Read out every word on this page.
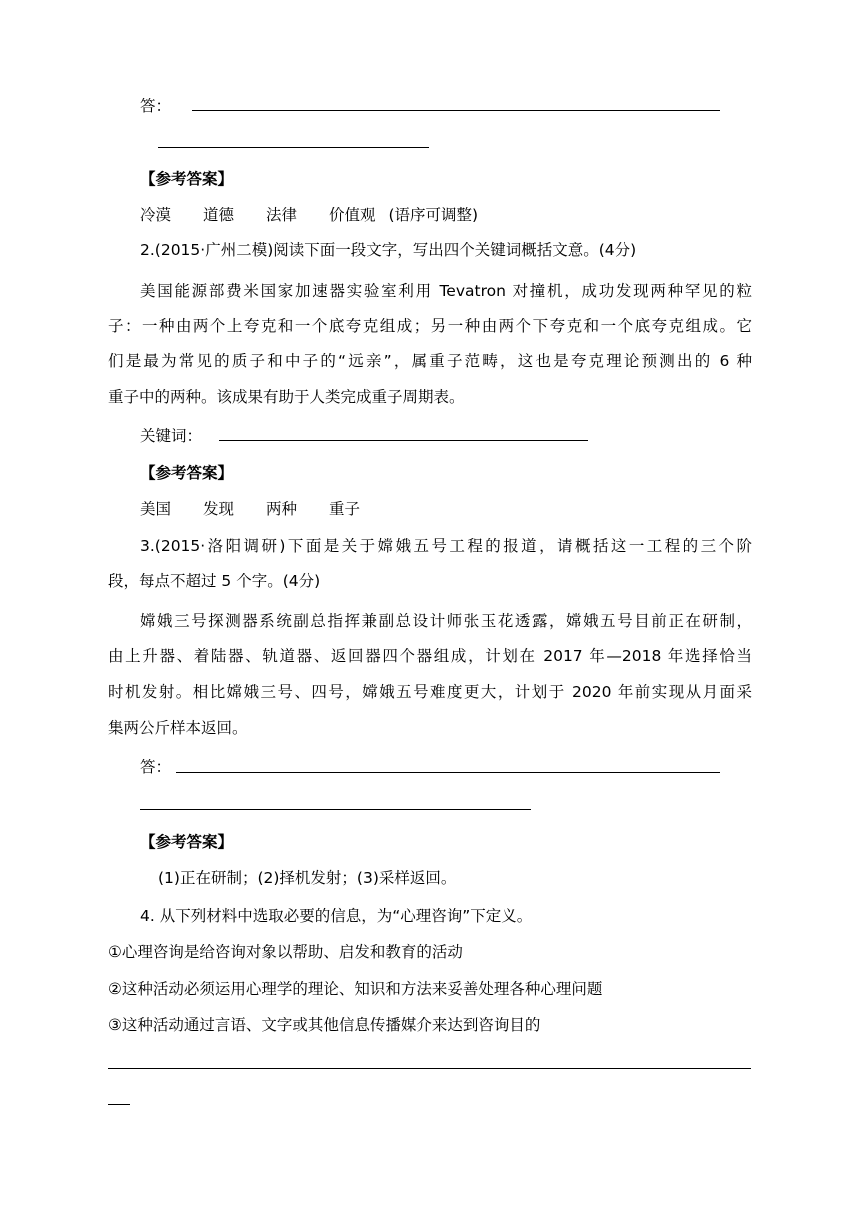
答：
【参考答案】
冷漠 道德 法律 价值观 (语序可调整)
2.(2015·广州二模)阅读下面一段文字，写出四个关键词概括文意。(4分)
美国能源部费米国家加速器实验室利用 Tevatron 对撞机，成功发现两种罕见的粒
子：一种由两个上夸克和一个底夸克组成；另一种由两个下夸克和一个底夸克组成。它
们是最为常见的质子和中子的“远亲”，属重子范畴，这也是夸克理论预测出的 6 种
重子中的两种。该成果有助于人类完成重子周期表。
关键词：
【参考答案】
美国 发现 两种 重子
3.(2015·洛阳调研)下面是关于嫦娥五号工程的报道，请概括这一工程的三个阶
段，每点不超过 5 个字。(4分)
嫦娥三号探测器系统副总指挥兼副总设计师张玉花透露，嫦娥五号目前正在研制，
由上升器、着陆器、轨道器、返回器四个器组成，计划在 2017 年—2018 年选择恰当
时机发射。相比嫦娥三号、四号，嫦娥五号难度更大，计划于 2020 年前实现从月面采
集两公斤样本返回。
答：
【参考答案】
(1)正在研制；(2)择机发射；(3)采样返回。
4. 从下列材料中选取必要的信息，为“心理咨询”下定义。
①心理咨询是给咨询对象以帮助、启发和教育的活动
②这种活动必须运用心理学的理论、知识和方法来妥善处理各种心理问题
③这种活动通过言语、文字或其他信息传播媒介来达到咨询目的
